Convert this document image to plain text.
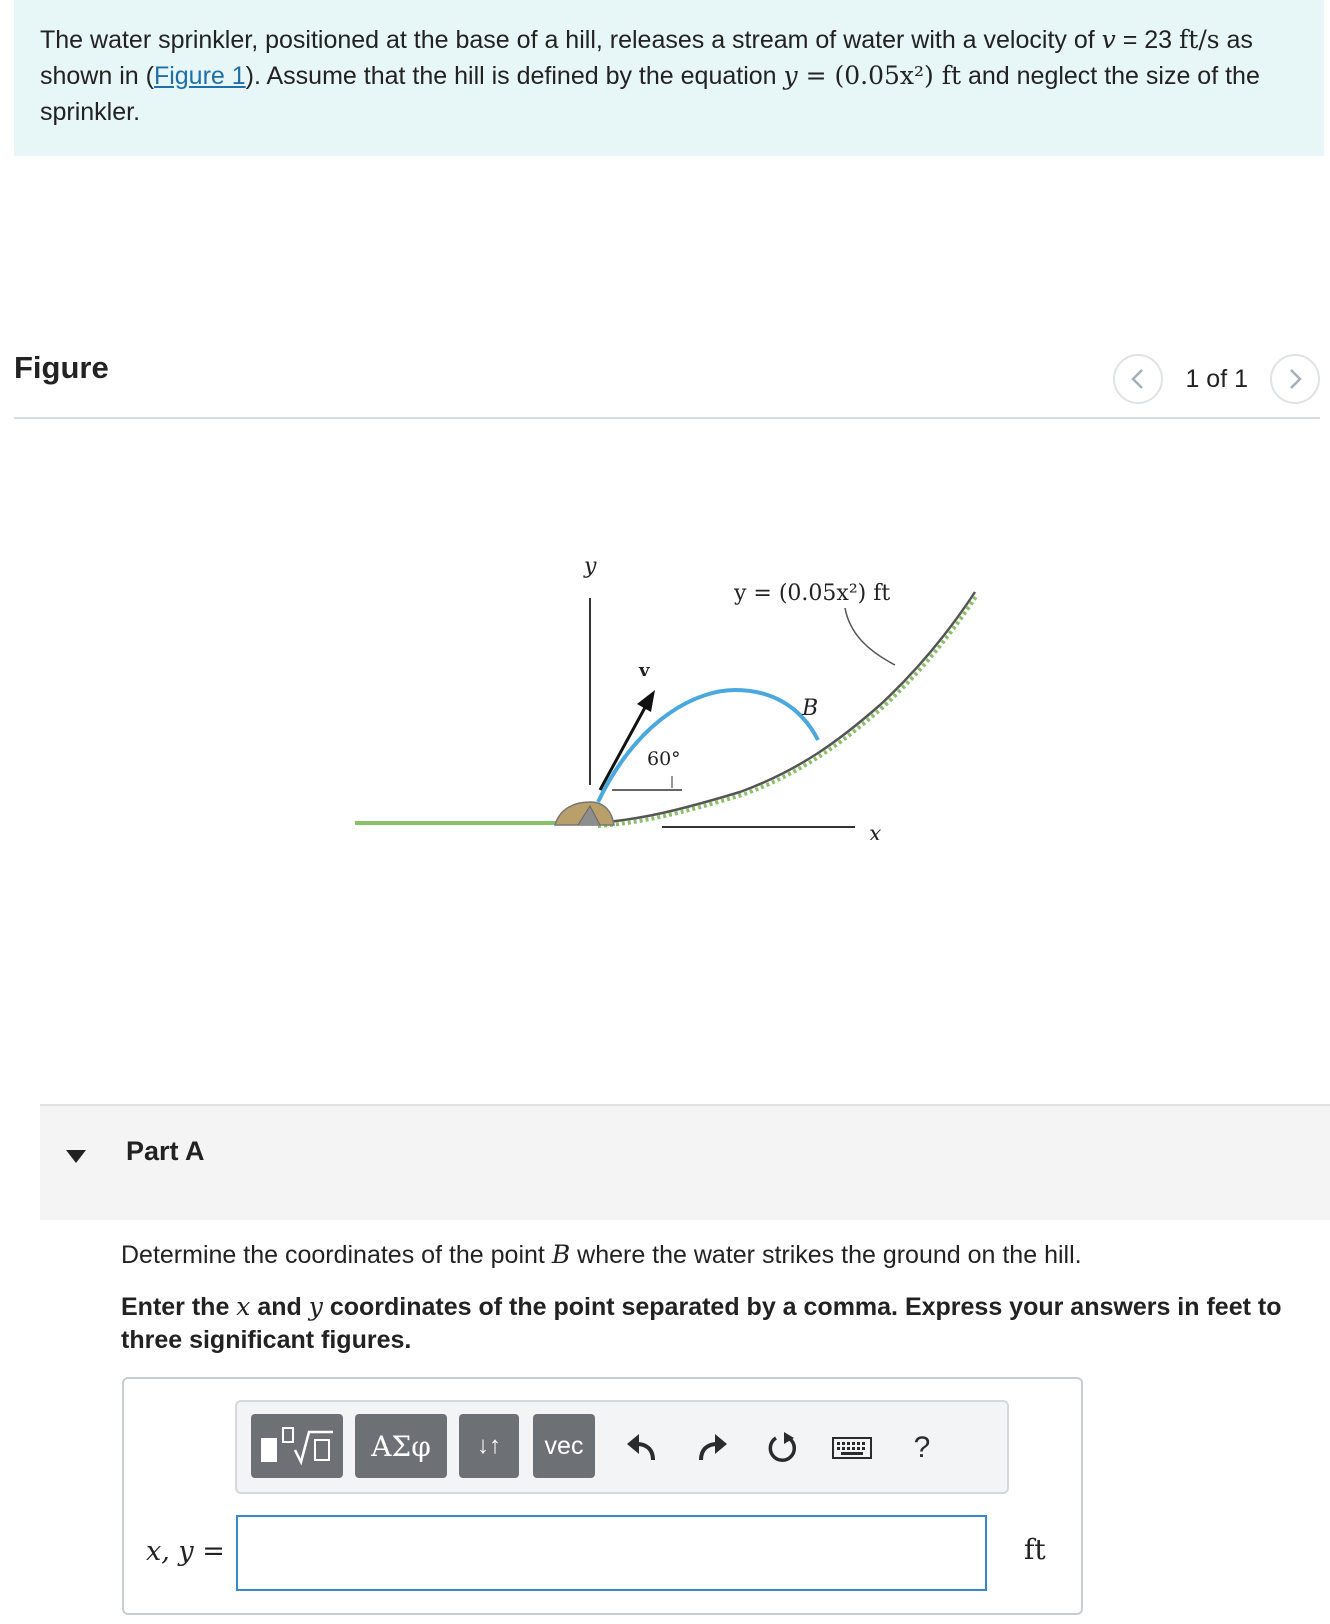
The water sprinkler, positioned at the base of a hill, releases a stream of water with a velocity of v = 23 ft/s as shown in (Figure 1). Assume that the hill is defined by the equation y = (0.05x²) ft and neglect the size of the sprinkler.

Figure	1 of 1
y
x
v
60°
B
y = (0.05x²) ft
Part A
Determine the coordinates of the point B where the water strikes the ground on the hill.
Enter the x and y coordinates of the point separated by a comma. Express your answers in feet to three significant figures.
ΑΣφ	↓↑	vec	?
x, y =	ft
